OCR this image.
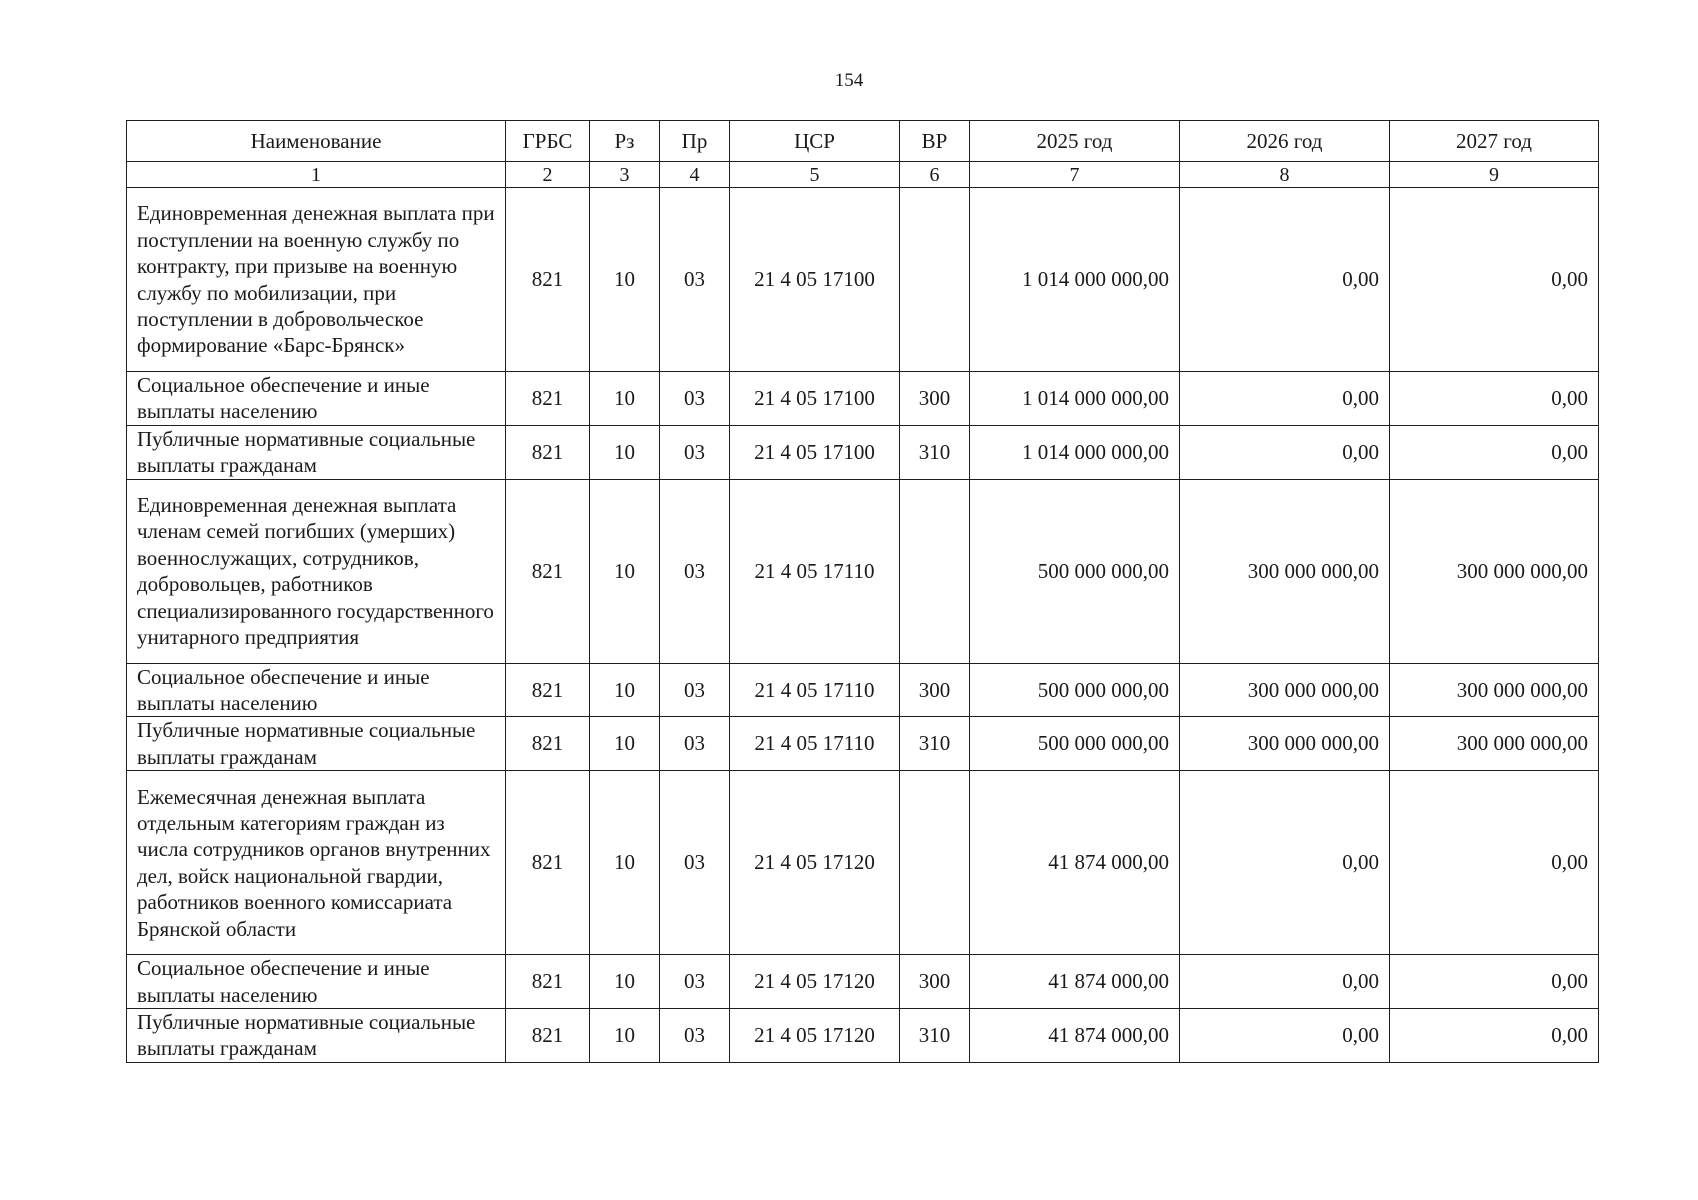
154
Наименование	ГРБС	Рз	Пр	ЦСР	ВР	2025 год	2026 год	2027 год
1	2	3	4	5	6	7	8	9
Единовременная денежная выплата при поступлении на военную службу по контракту, при призыве на военную службу по мобилизации, при поступлении в добровольческое формирование «Барс-Брянск»	821	10	03	21 4 05 17100		1 014 000 000,00	0,00	0,00
Социальное обеспечение и иные выплаты населению	821	10	03	21 4 05 17100	300	1 014 000 000,00	0,00	0,00
Публичные нормативные социальные выплаты гражданам	821	10	03	21 4 05 17100	310	1 014 000 000,00	0,00	0,00
Единовременная денежная выплата членам семей погибших (умерших) военнослужащих, сотрудников, добровольцев, работников специализированного государственного унитарного предприятия	821	10	03	21 4 05 17110		500 000 000,00	300 000 000,00	300 000 000,00
Социальное обеспечение и иные выплаты населению	821	10	03	21 4 05 17110	300	500 000 000,00	300 000 000,00	300 000 000,00
Публичные нормативные социальные выплаты гражданам	821	10	03	21 4 05 17110	310	500 000 000,00	300 000 000,00	300 000 000,00
Ежемесячная денежная выплата отдельным категориям граждан из числа сотрудников органов внутренних дел, войск национальной гвардии, работников военного комиссариата Брянской области	821	10	03	21 4 05 17120		41 874 000,00	0,00	0,00
Социальное обеспечение и иные выплаты населению	821	10	03	21 4 05 17120	300	41 874 000,00	0,00	0,00
Публичные нормативные социальные выплаты гражданам	821	10	03	21 4 05 17120	310	41 874 000,00	0,00	0,00
